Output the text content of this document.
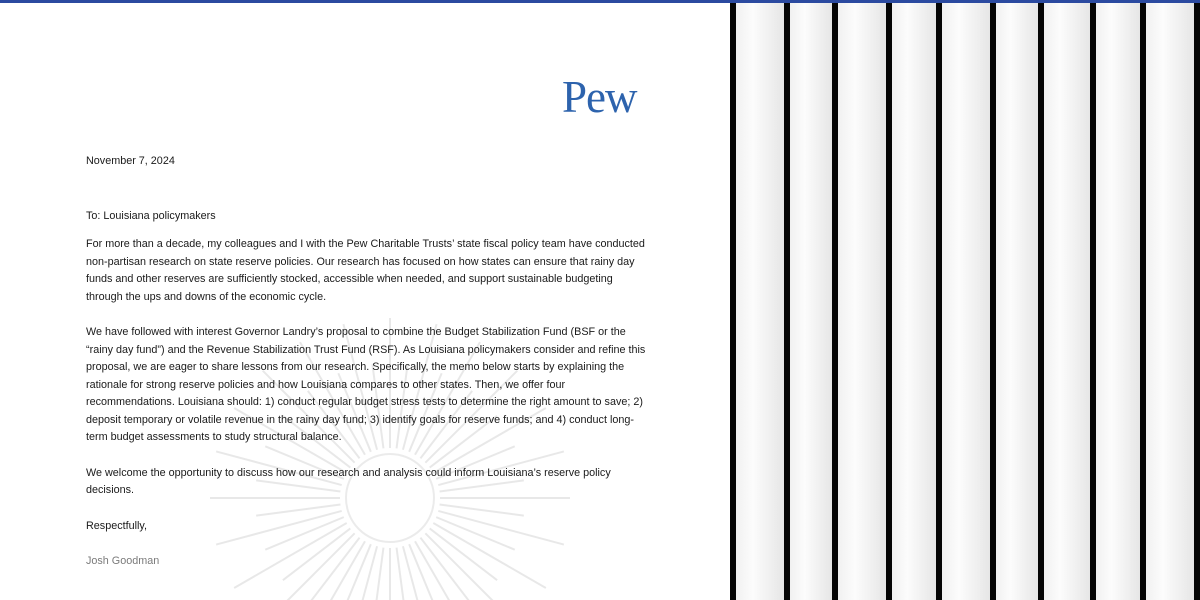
Pew

November 7, 2024

To: Louisiana policymakers

For more than a decade, my colleagues and I with the Pew Charitable Trusts’ state fiscal policy team have conducted non-partisan research on state reserve policies. Our research has focused on how states can ensure that rainy day funds and other reserves are sufficiently stocked, accessible when needed, and support sustainable budgeting through the ups and downs of the economic cycle.

We have followed with interest Governor Landry’s proposal to combine the Budget Stabilization Fund (BSF or the “rainy day fund”) and the Revenue Stabilization Trust Fund (RSF). As Louisiana policymakers consider and refine this proposal, we are eager to share lessons from our research. Specifically, the memo below starts by explaining the rationale for strong reserve policies and how Louisiana compares to other states. Then, we offer four recommendations. Louisiana should: 1) conduct regular budget stress tests to determine the right amount to save; 2) deposit temporary or volatile revenue in the rainy day fund; 3) identify goals for reserve funds; and 4) conduct long-term budget assessments to study structural balance.

We welcome the opportunity to discuss how our research and analysis could inform Louisiana’s reserve policy decisions.

Respectfully,

Josh Goodman
